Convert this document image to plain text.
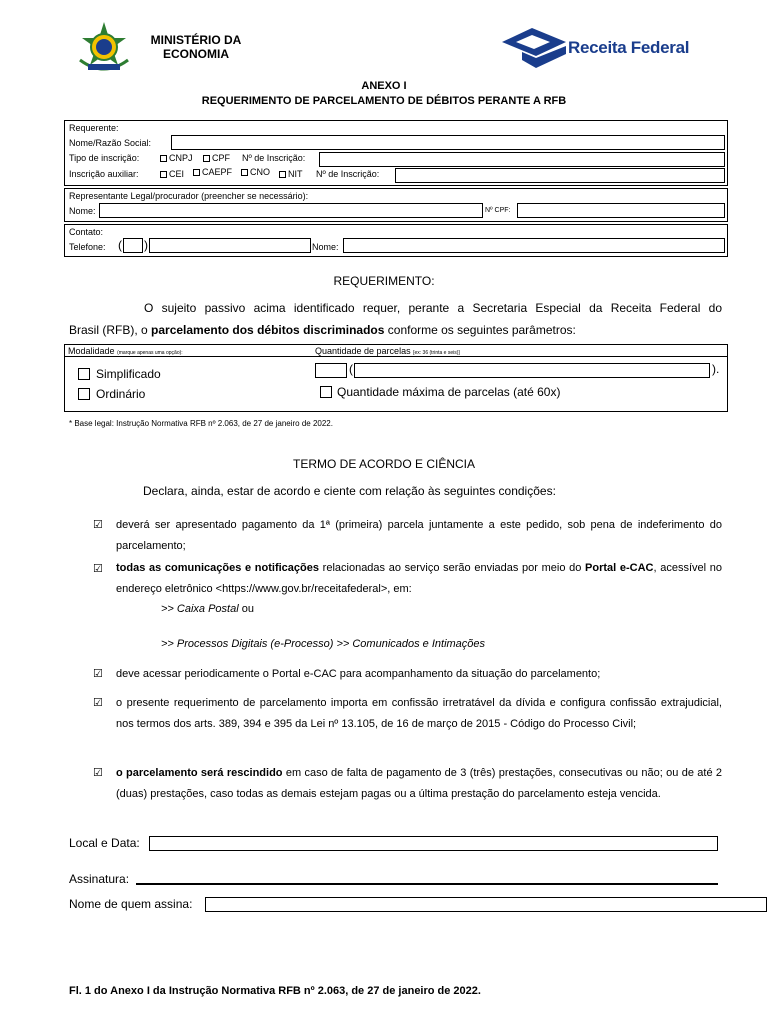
MINISTÉRIO DA ECONOMIA	Receita Federal
ANEXO I
REQUERIMENTO DE PARCELAMENTO DE DÉBITOS PERANTE A RFB
Requerente:
Nome/Razão Social:
Tipo de inscrição:	CNPJ	CPF Nº de Inscrição:
Inscrição auxiliar:	CEI	CAEPF	CNO	NIT Nº de Inscrição:
Representante Legal/procurador (preencher se necessário):
Nome:	Nº CPF:
Contato:
Telefone: ( )	Nome:
REQUERIMENTO:
O sujeito passivo acima identificado requer, perante a Secretaria Especial da Receita Federal do
Brasil (RFB), o parcelamento dos débitos discriminados conforme os seguintes parâmetros:
Modalidade (marque apenas uma opção):	Quantidade de parcelas [ex: 36 (trinta e seis)]
Simplificado
Ordinário
(	).
Quantidade máxima de parcelas (até 60x)
* Base legal: Instrução Normativa RFB nº 2.063, de 27 de janeiro de 2022.
TERMO DE ACORDO E CIÊNCIA
Declara, ainda, estar de acordo e ciente com relação às seguintes condições:
☑ deverá ser apresentado pagamento da 1ª (primeira) parcela juntamente a este pedido, sob pena de indeferimento do parcelamento;
☑ todas as comunicações e notificações relacionadas ao serviço serão enviadas por meio do Portal e-CAC, acessível no endereço eletrônico <https://www.gov.br/receitafederal>, em:
>> Caixa Postal ou
>> Processos Digitais (e-Processo) >> Comunicados e Intimações
☑ deve acessar periodicamente o Portal e-CAC para acompanhamento da situação do parcelamento;
☑ o presente requerimento de parcelamento importa em confissão irretratável da dívida e configura confissão extrajudicial, nos termos dos arts. 389, 394 e 395 da Lei nº 13.105, de 16 de março de 2015 - Código do Processo Civil;
☑ o parcelamento será rescindido em caso de falta de pagamento de 3 (três) prestações, consecutivas ou não; ou de até 2 (duas) prestações, caso todas as demais estejam pagas ou a última prestação do parcelamento esteja vencida.
Local e Data:
Assinatura:
Nome de quem assina:
Fl. 1 do Anexo I da Instrução Normativa RFB nº 2.063, de 27 de janeiro de 2022.
